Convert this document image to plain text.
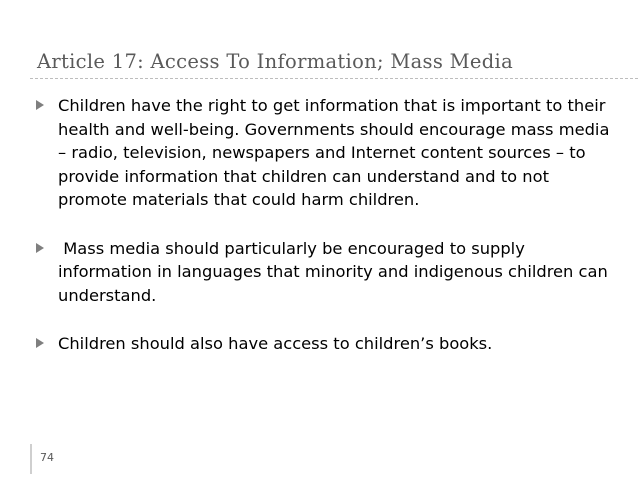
Article 17: Access To Information; Mass Media
Children have the right to get information that is important to their health and well-being. Governments should encourage mass media – radio, television, newspapers and Internet content sources – to provide information that children can understand and to not promote materials that could harm children.
Mass media should particularly be encouraged to supply information in languages that minority and indigenous children can understand.
Children should also have access to children’s books.
74
